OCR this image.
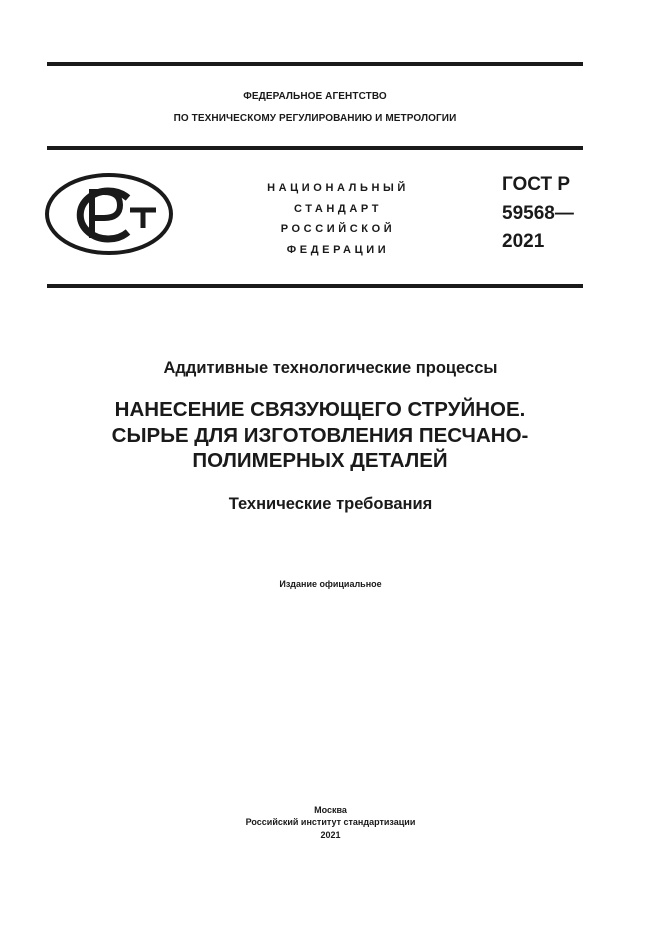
ФЕДЕРАЛЬНОЕ АГЕНТСТВО
ПО ТЕХНИЧЕСКОМУ РЕГУЛИРОВАНИЮ И МЕТРОЛОГИИ
НАЦИОНАЛЬНЫЙ
СТАНДАРТ
РОССИЙСКОЙ
ФЕДЕРАЦИИ
ГОСТ Р
59568—
2021
Аддитивные технологические процессы
НАНЕСЕНИЕ СВЯЗУЮЩЕГО СТРУЙНОЕ.
СЫРЬЕ ДЛЯ ИЗГОТОВЛЕНИЯ ПЕСЧАНО-
ПОЛИМЕРНЫХ ДЕТАЛЕЙ
Технические требования
Издание официальное
Москва
Российский институт стандартизации
2021
